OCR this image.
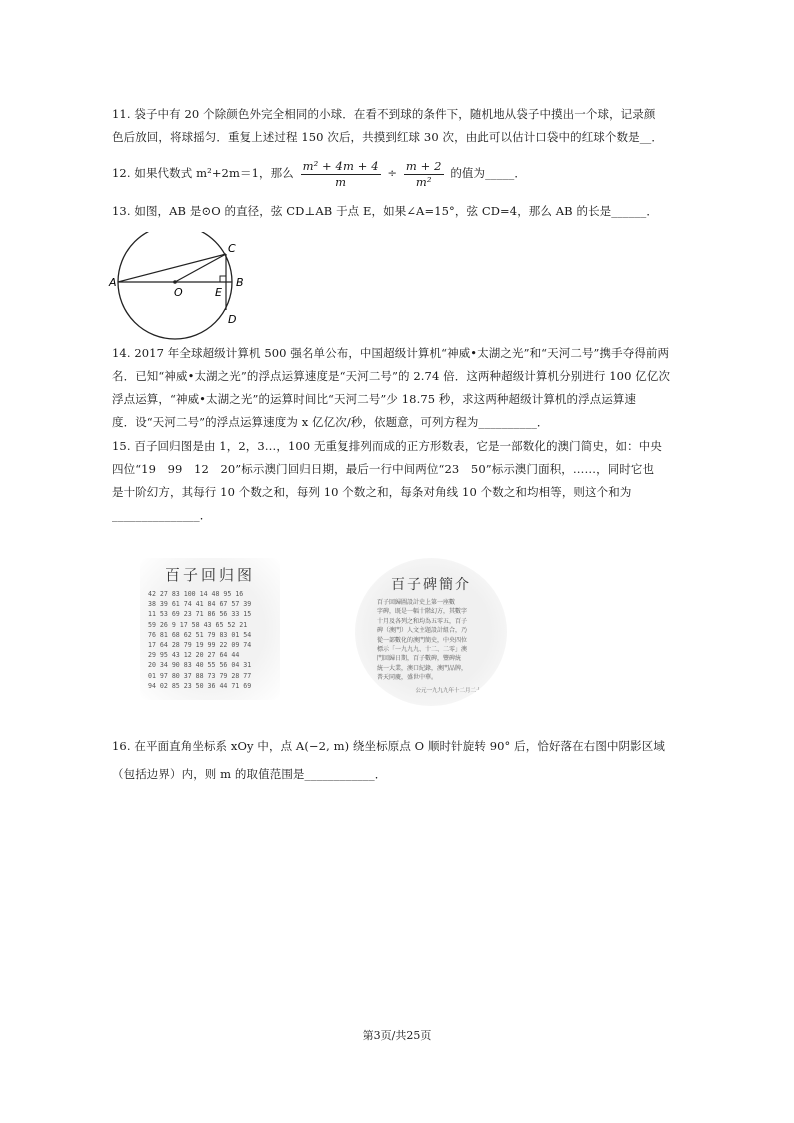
11. 袋子中有 20 个除颜色外完全相同的小球．在看不到球的条件下，随机地从袋子中摸出一个球，记录颜
色后放回，将球摇匀．重复上述过程 150 次后，共摸到红球 30 次，由此可以估计口袋中的红球个数是__．
12. 如果代数式 m²+2m＝1，那么 $\frac{\text{m² + 4m + 4}}{m} \div \frac{m + 2}{\text{m²}}$ 的值为_____．
13. 如图，AB 是⊙O 的直径，弦 CD⊥AB 于点 E，如果∠A=15°，弦 CD=4，那么 AB 的长是______．
A	B
C
D
E
O
14. 2017 年全球超级计算机 500 强名单公布，中国超级计算机“神威•太湖之光”和“天河二号”携手夺得前两
名．已知“神威•太湖之光”的浮点运算速度是“天河二号”的 2.74 倍．这两种超级计算机分别进行 100 亿亿次
浮点运算，“神威•太湖之光”的运算时间比“天河二号”少 18.75 秒，求这两种超级计算机的浮点运算速
度．设“天河二号”的浮点运算速度为 x 亿亿次/秒，依题意，可列方程为__________．
15. 百子回归图是由 1，2，3…，100 无重复排列而成的正方形数表，它是一部数化的澳门简史，如：中央
四位“19　99　12　20”标示澳门回归日期，最后一行中间两位“23　50”标示澳门面积，……，同时它也
是十阶幻方，其每行 10 个数之和，每列 10 个数之和，每条对角线 10 个数之和均相等，则这个和为
_______________．
百子回归图
42 27 83 100 14 48 95 16
38 39 61 74 41 84 67 57 39
11 53 69 23 71 86 56 33 15
59 26 9 17 58 43 65 52 21
76 81 68 62 51 79 83 01 54
17 64 28 79 19 99 22 09 74
29 95 43 12 20 27 64 44
20 34 90 83 40 55 56 04 31
01 97 80 37 88 73 79 28 77
94 02 85 23 50 36 44 71 69
百子碑簡介
百子回歸圖設計史上第一座數
字碑，既是一幅十階幻方，其數字
十月及各列之和均為五零五，百子
碑（澳門）人文主題設計組合，乃
從一部數化的澳門簡史，中央四位
標示「一九九九、十二、二零」澳
門回歸日期，百子數碑，豐碑統
統一大業，澳口紀錄，澳門品牌，
普天同慶，盛世中華。
公元一九九九年十二月二十日
16. 在平面直角坐标系 xOy 中，点 A(−2, m) 绕坐标原点 O 顺时针旋转 90° 后，恰好落在右图中阴影区域
（包括边界）内，则 m 的取值范围是____________．
第3页/共25页
